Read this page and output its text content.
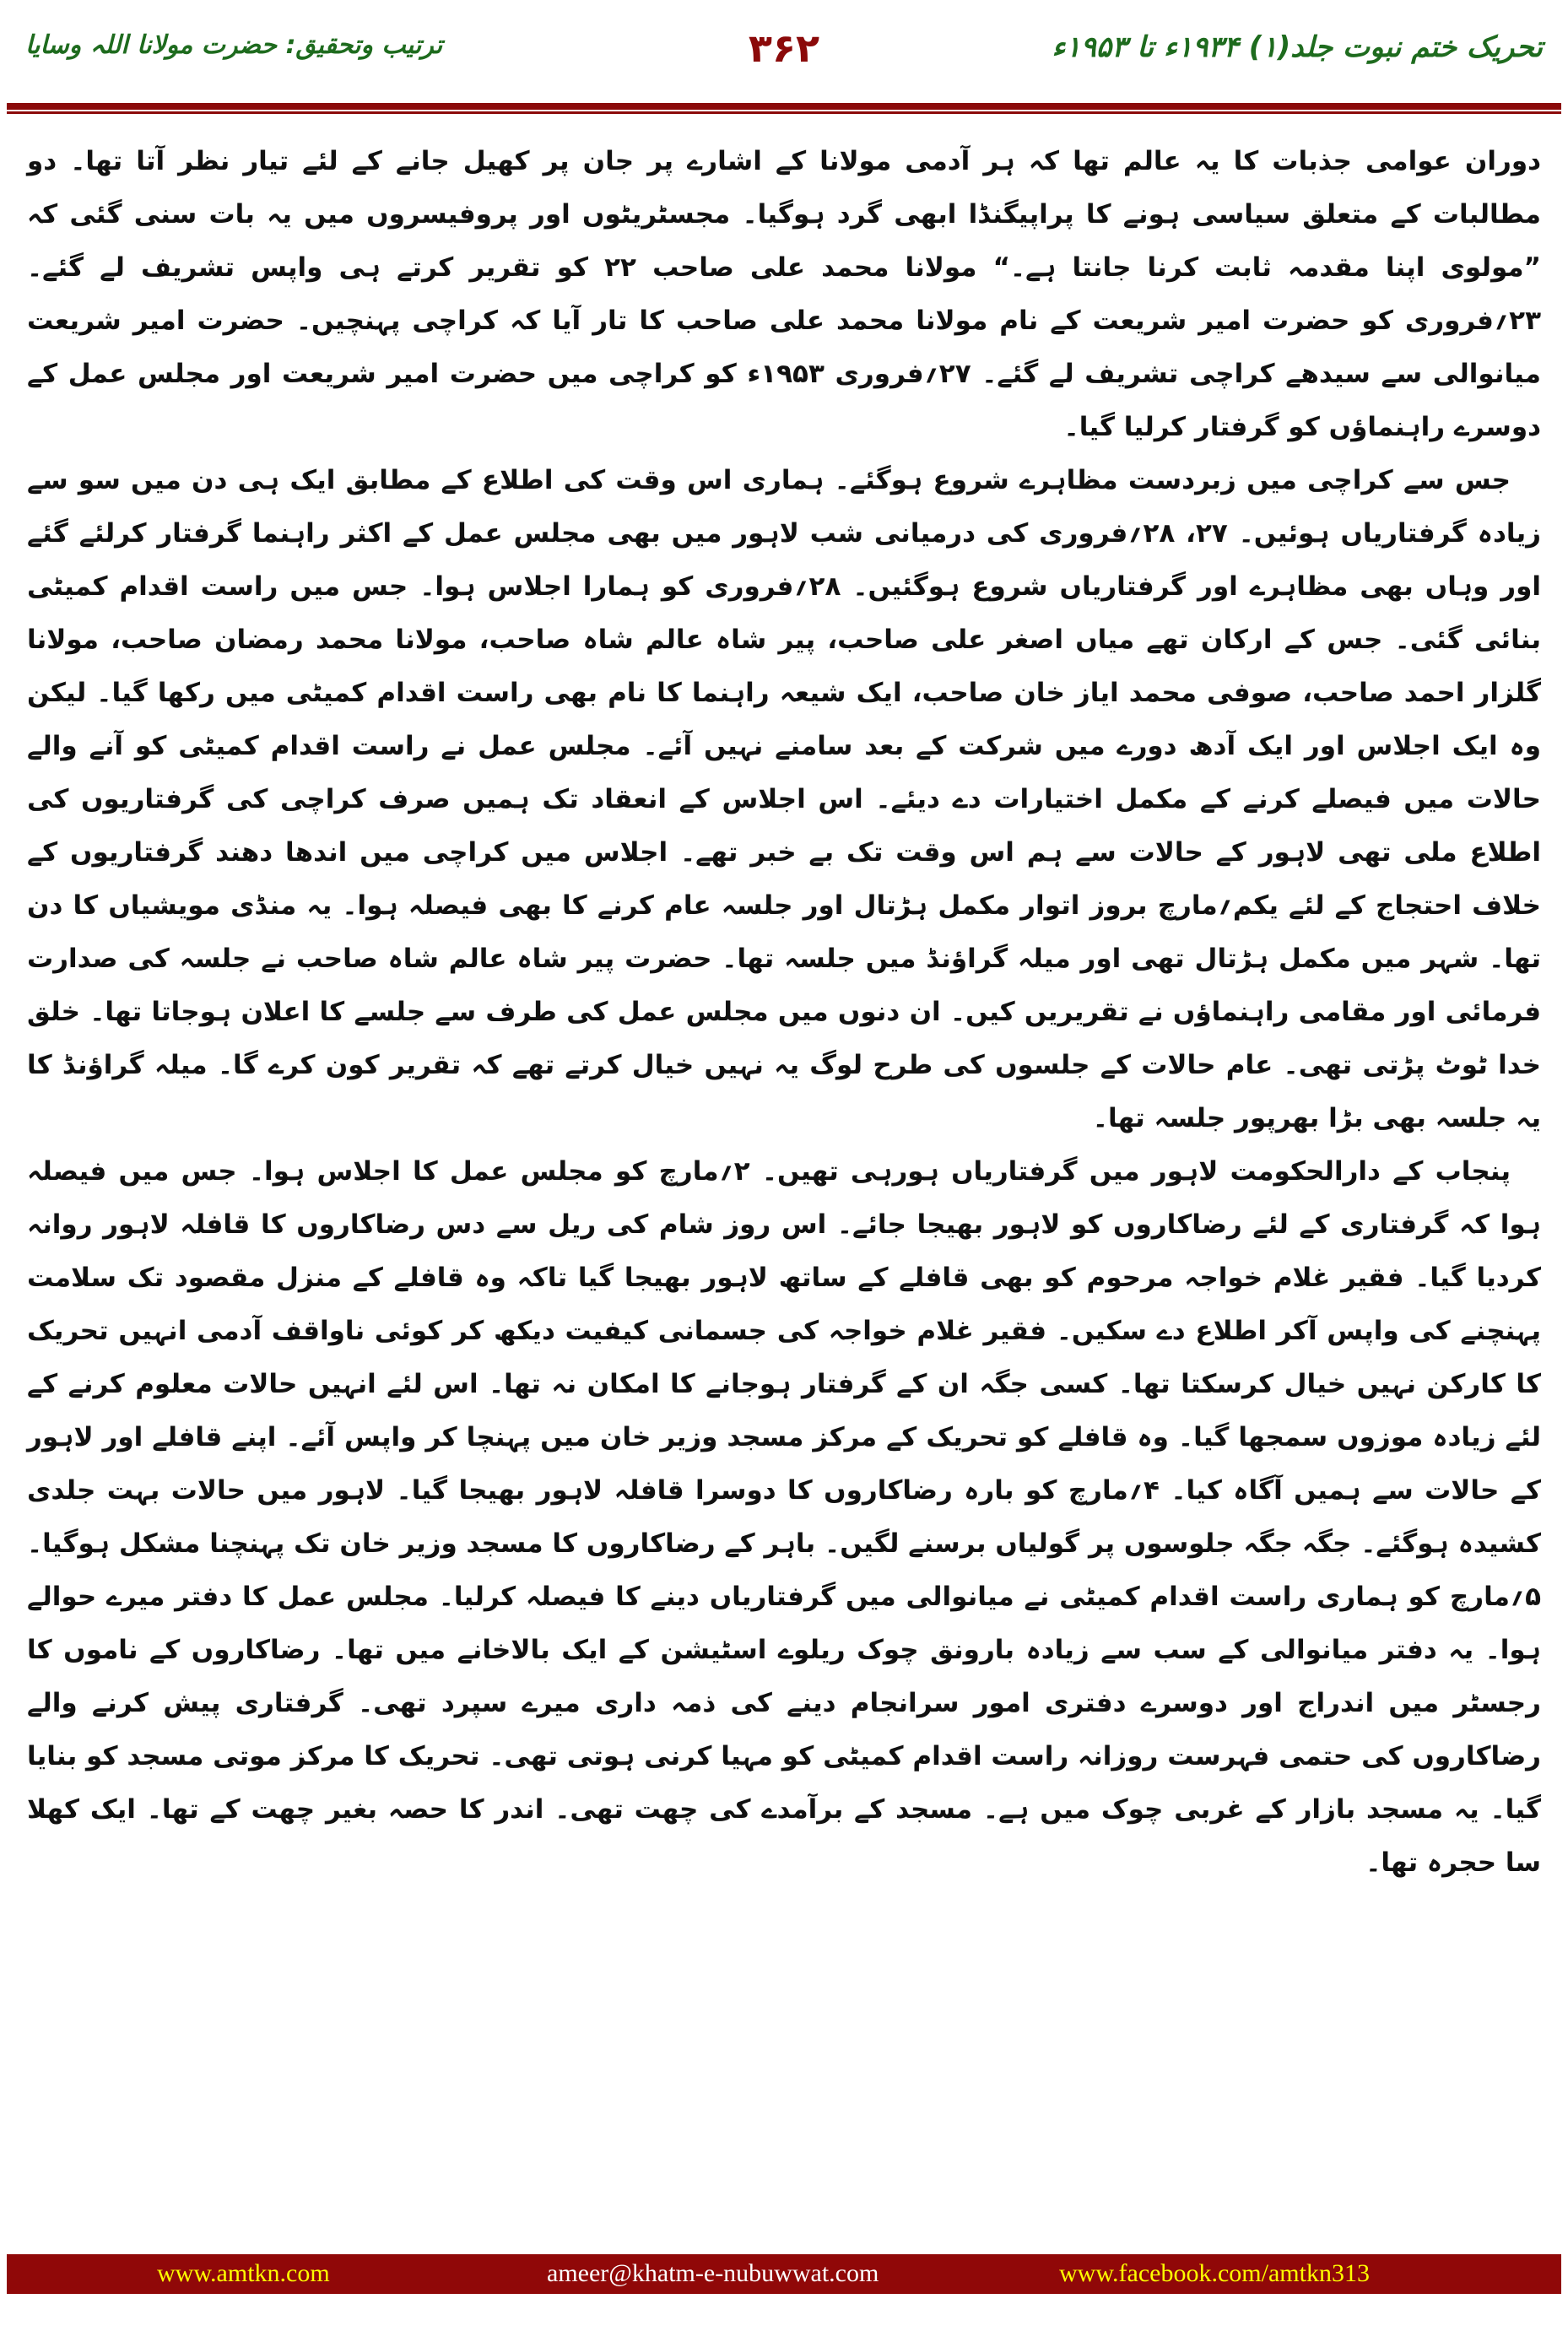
تحریک ختم نبوت جلد(۱) ۱۹۳۴ء تا ۱۹۵۳ء
۳۶۲
ترتیب وتحقیق: حضرت مولانا اللہ وسایا

دوران عوامی جذبات کا یہ عالم تھا کہ ہر آدمی مولانا کے اشارے پر جان پر کھیل جانے کے لئے تیار نظر آتا تھا۔ دو مطالبات کے متعلق سیاسی ہونے کا پراپیگنڈا ابھی گرد ہوگیا۔ مجسٹریٹوں اور پروفیسروں میں یہ بات سنی گئی کہ ”مولوی اپنا مقدمہ ثابت کرنا جانتا ہے۔“ مولانا محمد علی صاحب ۲۲ کو تقریر کرتے ہی واپس تشریف لے گئے۔ ۲۳؍فروری کو حضرت امیر شریعت کے نام مولانا محمد علی صاحب کا تار آیا کہ کراچی پہنچیں۔ حضرت امیر شریعت میانوالی سے سیدھے کراچی تشریف لے گئے۔ ۲۷؍فروری ۱۹۵۳ء کو کراچی میں حضرت امیر شریعت اور مجلس عمل کے دوسرے راہنماؤں کو گرفتار کرلیا گیا۔

جس سے کراچی میں زبردست مظاہرے شروع ہوگئے۔ ہماری اس وقت کی اطلاع کے مطابق ایک ہی دن میں سو سے زیادہ گرفتاریاں ہوئیں۔ ۲۷، ۲۸؍فروری کی درمیانی شب لاہور میں بھی مجلس عمل کے اکثر راہنما گرفتار کرلئے گئے اور وہاں بھی مظاہرے اور گرفتاریاں شروع ہوگئیں۔ ۲۸؍فروری کو ہمارا اجلاس ہوا۔ جس میں راست اقدام کمیٹی بنائی گئی۔ جس کے ارکان تھے میاں اصغر علی صاحب، پیر شاہ عالم شاہ صاحب، مولانا محمد رمضان صاحب، مولانا گلزار احمد صاحب، صوفی محمد ایاز خان صاحب، ایک شیعہ راہنما کا نام بھی راست اقدام کمیٹی میں رکھا گیا۔ لیکن وہ ایک اجلاس اور ایک آدھ دورے میں شرکت کے بعد سامنے نہیں آئے۔ مجلس عمل نے راست اقدام کمیٹی کو آنے والے حالات میں فیصلے کرنے کے مکمل اختیارات دے دیئے۔ اس اجلاس کے انعقاد تک ہمیں صرف کراچی کی گرفتاریوں کی اطلاع ملی تھی لاہور کے حالات سے ہم اس وقت تک بے خبر تھے۔ اجلاس میں کراچی میں اندھا دھند گرفتاریوں کے خلاف احتجاج کے لئے یکم؍مارچ بروز اتوار مکمل ہڑتال اور جلسہ عام کرنے کا بھی فیصلہ ہوا۔ یہ منڈی مویشیاں کا دن تھا۔ شہر میں مکمل ہڑتال تھی اور میلہ گراؤنڈ میں جلسہ تھا۔ حضرت پیر شاہ عالم شاہ صاحب نے جلسہ کی صدارت فرمائی اور مقامی راہنماؤں نے تقریریں کیں۔ ان دنوں میں مجلس عمل کی طرف سے جلسے کا اعلان ہوجاتا تھا۔ خلق خدا ٹوٹ پڑتی تھی۔ عام حالات کے جلسوں کی طرح لوگ یہ نہیں خیال کرتے تھے کہ تقریر کون کرے گا۔ میلہ گراؤنڈ کا یہ جلسہ بھی بڑا بھرپور جلسہ تھا۔

پنجاب کے دارالحکومت لاہور میں گرفتاریاں ہورہی تھیں۔ ۲؍مارچ کو مجلس عمل کا اجلاس ہوا۔ جس میں فیصلہ ہوا کہ گرفتاری کے لئے رضاکاروں کو لاہور بھیجا جائے۔ اس روز شام کی ریل سے دس رضاکاروں کا قافلہ لاہور روانہ کردیا گیا۔ فقیر غلام خواجہ مرحوم کو بھی قافلے کے ساتھ لاہور بھیجا گیا تاکہ وہ قافلے کے منزل مقصود تک سلامت پہنچنے کی واپس آکر اطلاع دے سکیں۔ فقیر غلام خواجہ کی جسمانی کیفیت دیکھ کر کوئی ناواقف آدمی انہیں تحریک کا کارکن نہیں خیال کرسکتا تھا۔ کسی جگہ ان کے گرفتار ہوجانے کا امکان نہ تھا۔ اس لئے انہیں حالات معلوم کرنے کے لئے زیادہ موزوں سمجھا گیا۔ وہ قافلے کو تحریک کے مرکز مسجد وزیر خان میں پہنچا کر واپس آئے۔ اپنے قافلے اور لاہور کے حالات سے ہمیں آگاہ کیا۔ ۴؍مارچ کو بارہ رضاکاروں کا دوسرا قافلہ لاہور بھیجا گیا۔ لاہور میں حالات بہت جلدی کشیدہ ہوگئے۔ جگہ جگہ جلوسوں پر گولیاں برسنے لگیں۔ باہر کے رضاکاروں کا مسجد وزیر خان تک پہنچنا مشکل ہوگیا۔ ۵؍مارچ کو ہماری راست اقدام کمیٹی نے میانوالی میں گرفتاریاں دینے کا فیصلہ کرلیا۔ مجلس عمل کا دفتر میرے حوالے ہوا۔ یہ دفتر میانوالی کے سب سے زیادہ بارونق چوک ریلوے اسٹیشن کے ایک بالاخانے میں تھا۔ رضاکاروں کے ناموں کا رجسٹر میں اندراج اور دوسرے دفتری امور سرانجام دینے کی ذمہ داری میرے سپرد تھی۔ گرفتاری پیش کرنے والے رضاکاروں کی حتمی فہرست روزانہ راست اقدام کمیٹی کو مہیا کرنی ہوتی تھی۔ تحریک کا مرکز موتی مسجد کو بنایا گیا۔ یہ مسجد بازار کے غربی چوک میں ہے۔ مسجد کے برآمدے کی چھت تھی۔ اندر کا حصہ بغیر چھت کے تھا۔ ایک کھلا سا حجرہ تھا۔

www.amtkn.com	ameer@khatm-e-nubuwwat.com	www.facebook.com/amtkn313
